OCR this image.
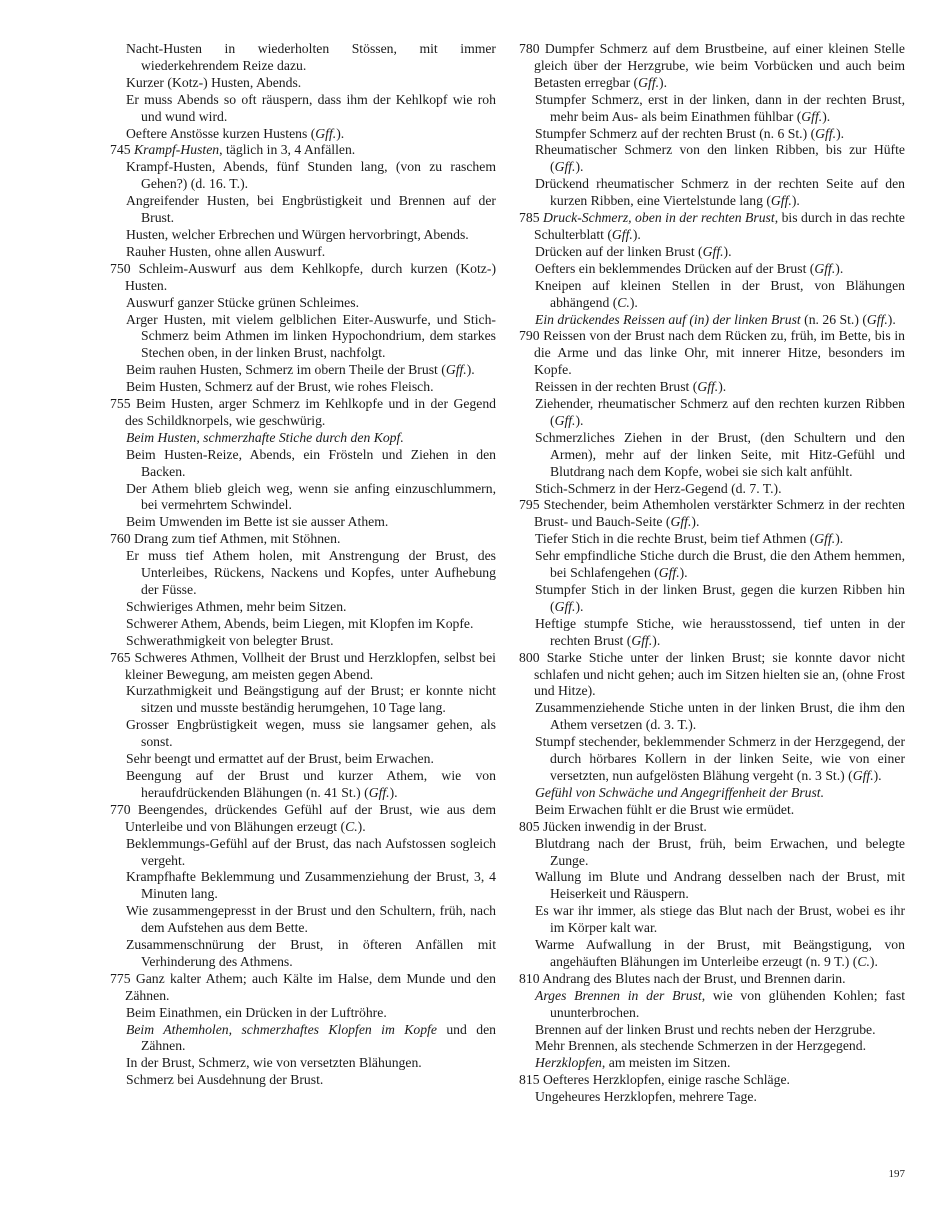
Nacht-Husten in wiederholten Stössen, mit immer wiederkehrendem Reize dazu.
Kurzer (Kotz-) Husten, Abends.
Er muss Abends so oft räuspern, dass ihm der Kehlkopf wie roh und wund wird.
Oeftere Anstösse kurzen Hustens (Gff.).
745 Krampf-Husten, täglich in 3, 4 Anfällen.
Krampf-Husten, Abends, fünf Stunden lang, (von zu raschem Gehen?) (d. 16. T.).
Angreifender Husten, bei Engbrüstigkeit und Brennen auf der Brust.
Husten, welcher Erbrechen und Würgen hervorbringt, Abends.
Rauher Husten, ohne allen Auswurf.
750 Schleim-Auswurf aus dem Kehlkopfe, durch kurzen (Kotz-) Husten.
Auswurf ganzer Stücke grünen Schleimes.
Arger Husten, mit vielem gelblichen Eiter-Auswurfe, und Stich-Schmerz beim Athmen im linken Hypochondrium, dem starkes Stechen oben, in der linken Brust, nachfolgt.
Beim rauhen Husten, Schmerz im obern Theile der Brust (Gff.).
Beim Husten, Schmerz auf der Brust, wie rohes Fleisch.
755 Beim Husten, arger Schmerz im Kehlkopfe und in der Gegend des Schildknorpels, wie geschwürig.
Beim Husten, schmerzhafte Stiche durch den Kopf.
Beim Husten-Reize, Abends, ein Frösteln und Ziehen in den Backen.
Der Athem blieb gleich weg, wenn sie anfing einzuschlummern, bei vermehrtem Schwindel.
Beim Umwenden im Bette ist sie ausser Athem.
760 Drang zum tief Athmen, mit Stöhnen.
Er muss tief Athem holen, mit Anstrengung der Brust, des Unterleibes, Rückens, Nackens und Kopfes, unter Aufhebung der Füsse.
Schwieriges Athmen, mehr beim Sitzen.
Schwerer Athem, Abends, beim Liegen, mit Klopfen im Kopfe.
Schwerathmigkeit von belegter Brust.
765 Schweres Athmen, Vollheit der Brust und Herzklopfen, selbst bei kleiner Bewegung, am meisten gegen Abend.
Kurzathmigkeit und Beängstigung auf der Brust; er konnte nicht sitzen und musste beständig herumgehen, 10 Tage lang.
Grosser Engbrüstigkeit wegen, muss sie langsamer gehen, als sonst.
Sehr beengt und ermattet auf der Brust, beim Erwachen.
Beengung auf der Brust und kurzer Athem, wie von heraufdrückenden Blähungen (n. 41 St.) (Gff.).
770 Beengendes, drückendes Gefühl auf der Brust, wie aus dem Unterleibe und von Blähungen erzeugt (C.).
Beklemmungs-Gefühl auf der Brust, das nach Aufstossen sogleich vergeht.
Krampfhafte Beklemmung und Zusammenziehung der Brust, 3, 4 Minuten lang.
Wie zusammengepresst in der Brust und den Schultern, früh, nach dem Aufstehen aus dem Bette.
Zusammenschnürung der Brust, in öfteren Anfällen mit Verhinderung des Athmens.
775 Ganz kalter Athem; auch Kälte im Halse, dem Munde und den Zähnen.
Beim Einathmen, ein Drücken in der Luftröhre.
Beim Athemholen, schmerzhaftes Klopfen im Kopfe und den Zähnen.
In der Brust, Schmerz, wie von versetzten Blähungen.
Schmerz bei Ausdehnung der Brust.
780 Dumpfer Schmerz auf dem Brustbeine, auf einer kleinen Stelle gleich über der Herzgrube, wie beim Vorbücken und auch beim Betasten erregbar (Gff.).
Stumpfer Schmerz, erst in der linken, dann in der rechten Brust, mehr beim Aus- als beim Einathmen fühlbar (Gff.).
Stumpfer Schmerz auf der rechten Brust (n. 6 St.) (Gff.).
Rheumatischer Schmerz von den linken Ribben, bis zur Hüfte (Gff.).
Drückend rheumatischer Schmerz in der rechten Seite auf den kurzen Ribben, eine Viertelstunde lang (Gff.).
785 Druck-Schmerz, oben in der rechten Brust, bis durch in das rechte Schulterblatt (Gff.).
Drücken auf der linken Brust (Gff.).
Oefters ein beklemmendes Drücken auf der Brust (Gff.).
Kneipen auf kleinen Stellen in der Brust, von Blähungen abhängend (C.).
Ein drückendes Reissen auf (in) der linken Brust (n. 26 St.) (Gff.).
790 Reissen von der Brust nach dem Rücken zu, früh, im Bette, bis in die Arme und das linke Ohr, mit innerer Hitze, besonders im Kopfe.
Reissen in der rechten Brust (Gff.).
Ziehender, rheumatischer Schmerz auf den rechten kurzen Ribben (Gff.).
Schmerzliches Ziehen in der Brust, (den Schultern und den Armen), mehr auf der linken Seite, mit Hitz-Gefühl und Blutdrang nach dem Kopfe, wobei sie sich kalt anfühlt.
Stich-Schmerz in der Herz-Gegend (d. 7. T.).
795 Stechender, beim Athemholen verstärkter Schmerz in der rechten Brust- und Bauch-Seite (Gff.).
Tiefer Stich in die rechte Brust, beim tief Athmen (Gff.).
Sehr empfindliche Stiche durch die Brust, die den Athem hemmen, bei Schlafengehen (Gff.).
Stumpfer Stich in der linken Brust, gegen die kurzen Ribben hin (Gff.).
Heftige stumpfe Stiche, wie herausstossend, tief unten in der rechten Brust (Gff.).
800 Starke Stiche unter der linken Brust; sie konnte davor nicht schlafen und nicht gehen; auch im Sitzen hielten sie an, (ohne Frost und Hitze).
Zusammenziehende Stiche unten in der linken Brust, die ihm den Athem versetzen (d. 3. T.).
Stumpf stechender, beklemmender Schmerz in der Herzgegend, der durch hörbares Kollern in der linken Seite, wie von einer versetzten, nun aufgelösten Blähung vergeht (n. 3 St.) (Gff.).
Gefühl von Schwäche und Angegriffenheit der Brust.
Beim Erwachen fühlt er die Brust wie ermüdet.
805 Jücken inwendig in der Brust.
Blutdrang nach der Brust, früh, beim Erwachen, und belegte Zunge.
Wallung im Blute und Andrang desselben nach der Brust, mit Heiserkeit und Räuspern.
Es war ihr immer, als stiege das Blut nach der Brust, wobei es ihr im Körper kalt war.
Warme Aufwallung in der Brust, mit Beängstigung, von angehäuften Blähungen im Unterleibe erzeugt (n. 9 T.) (C.).
810 Andrang des Blutes nach der Brust, und Brennen darin.
Arges Brennen in der Brust, wie von glühenden Kohlen; fast ununterbrochen.
Brennen auf der linken Brust und rechts neben der Herzgrube.
Mehr Brennen, als stechende Schmerzen in der Herzgegend.
Herzklopfen, am meisten im Sitzen.
815 Oefteres Herzklopfen, einige rasche Schläge.
Ungeheures Herzklopfen, mehrere Tage.
197
